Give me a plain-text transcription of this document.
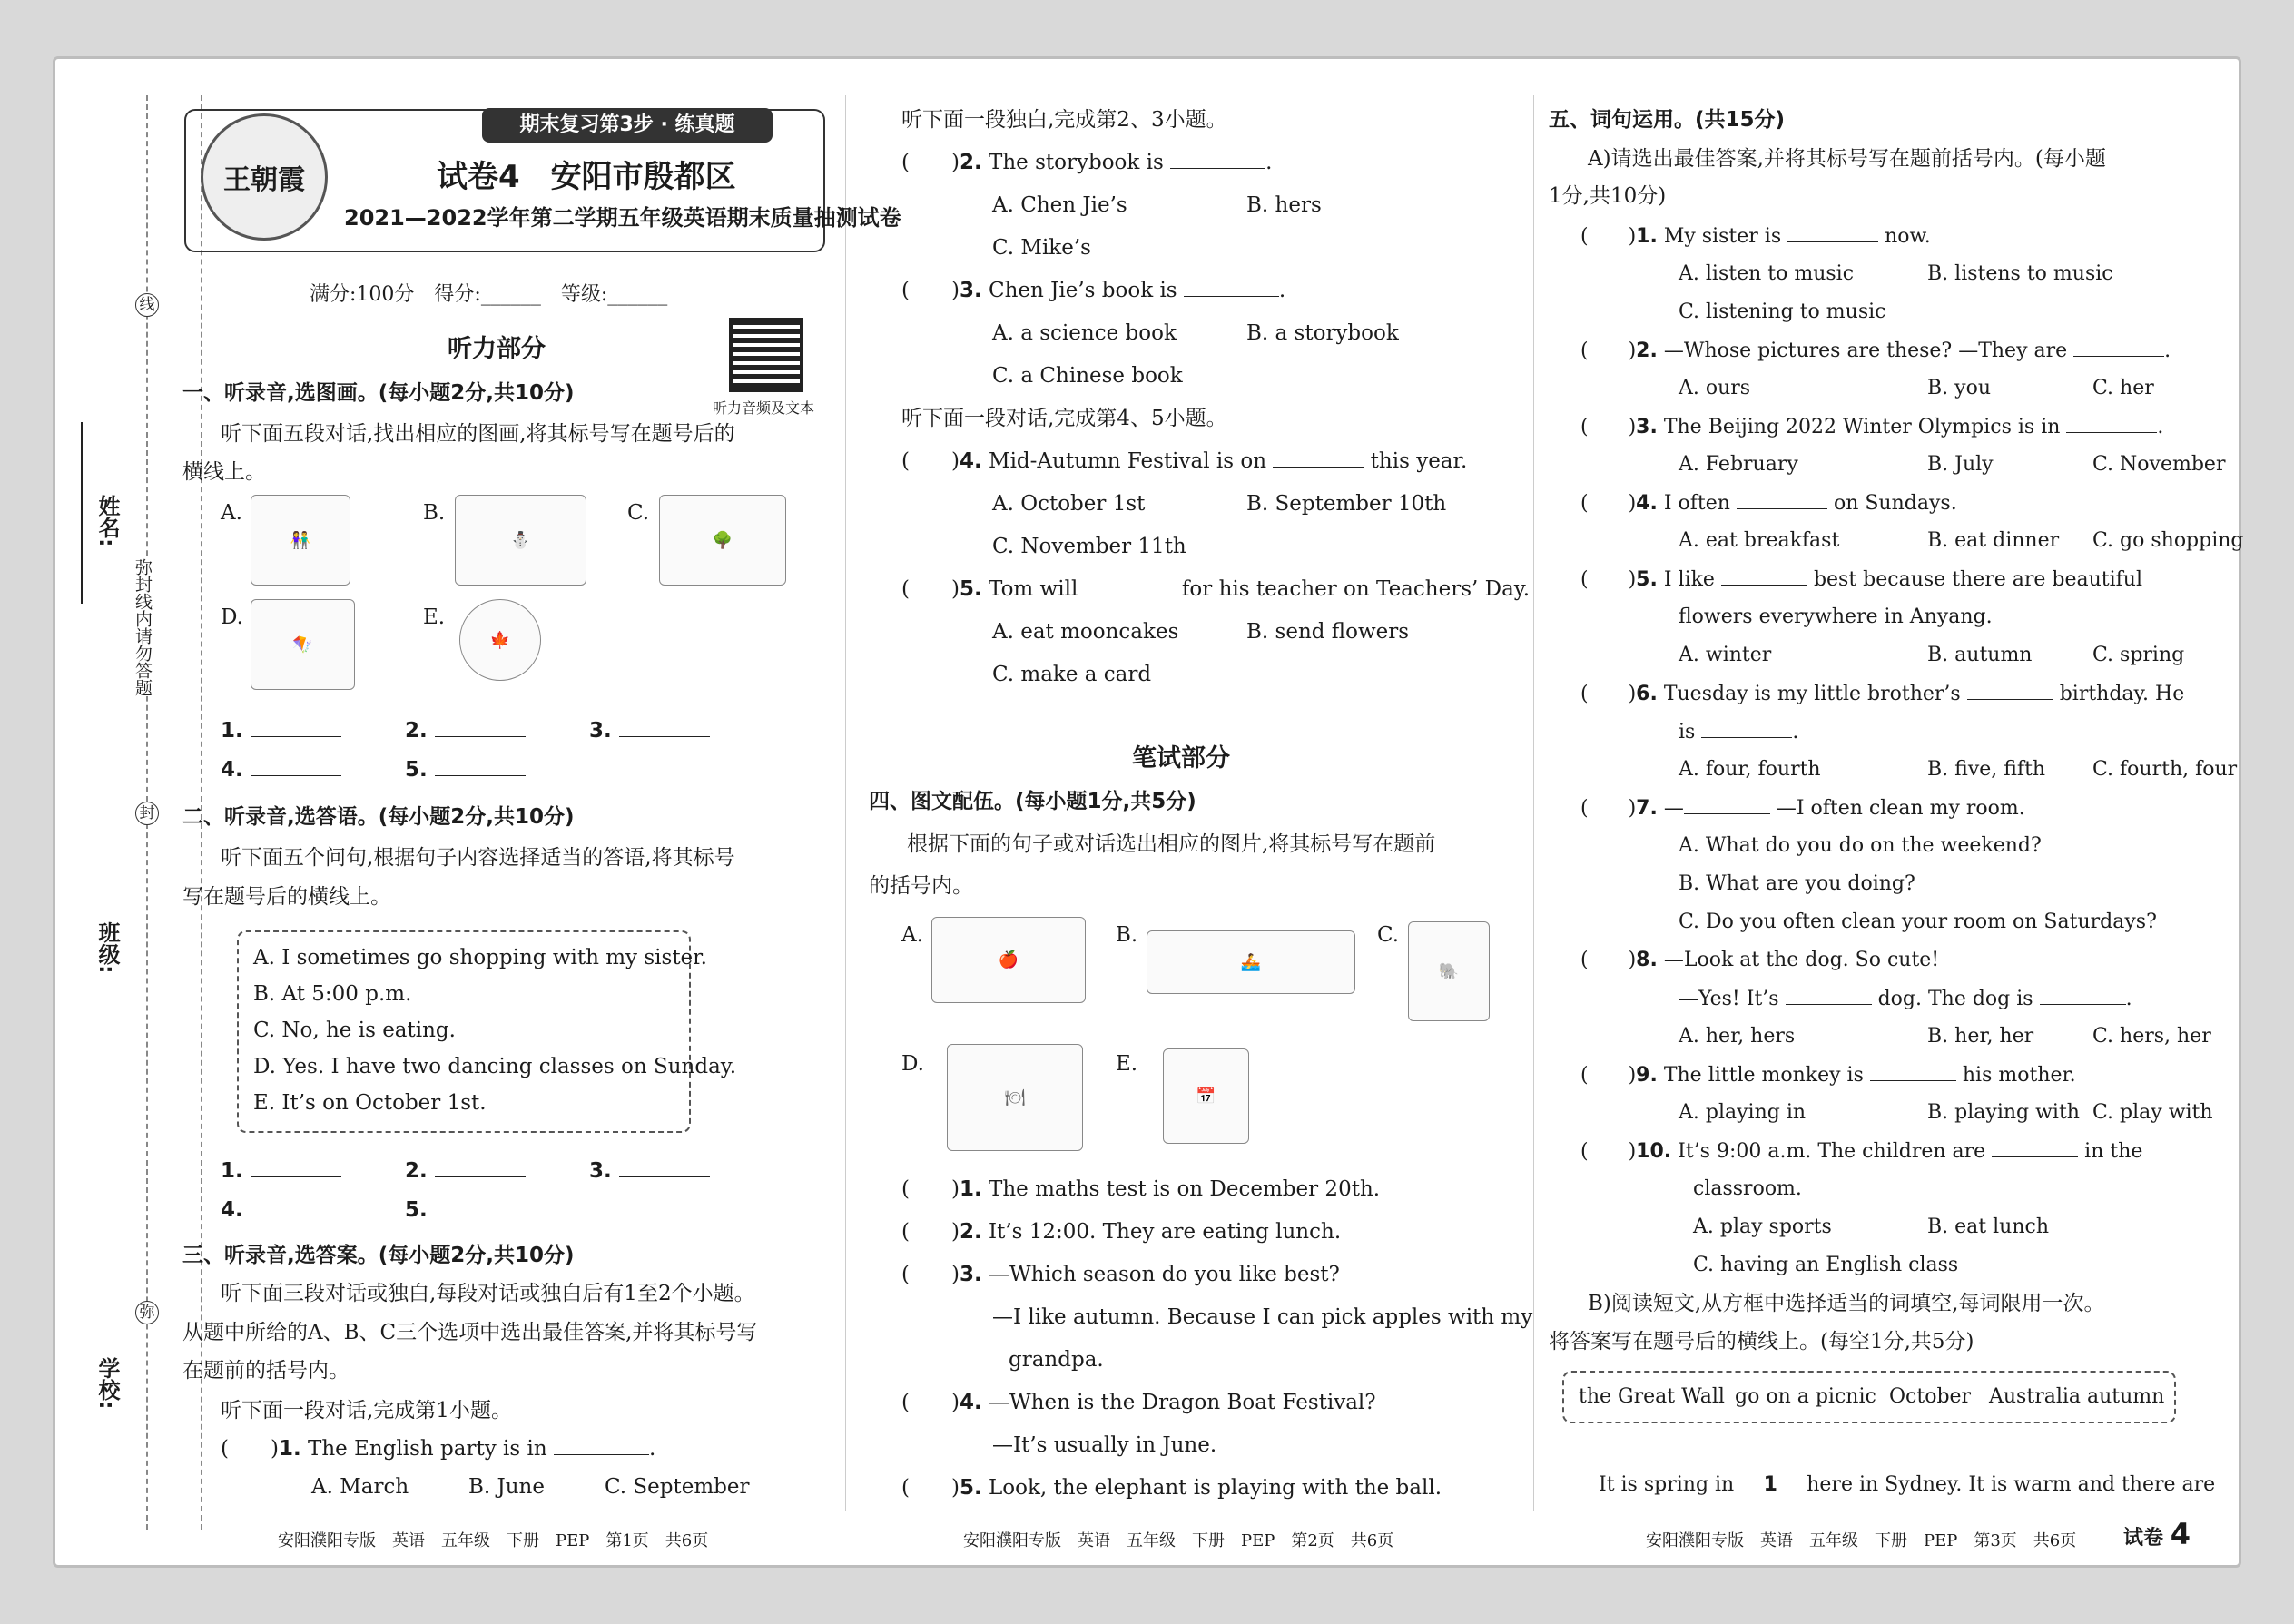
姓名:
班级:
学校:
弥封线内请勿答题
线
封
弥
王朝霞
期末复习第3步 · 练真题
试卷4　安阳市殷都区
2021—2022学年第二学期五年级英语期末质量抽测试卷
满分:100分　得分:______　等级:______
听力音频及文本
听力部分
一、听录音,选图画。(每小题2分,共10分)
听下面五段对话,找出相应的图画,将其标号写在题号后的
横线上。
A.
👫
B.
⛄
C.
🌳
D.
🪁
E.
🍁
1.	2.	3.
4.	5.
二、听录音,选答语。(每小题2分,共10分)
听下面五个问句,根据句子内容选择适当的答语,将其标号
写在题号后的横线上。
A. I sometimes go shopping with my sister.
B. At 5:00 p.m.
C. No, he is eating.
D. Yes. I have two dancing classes on Sunday.
E. It’s on October 1st.
1.	2.	3.
4.	5.
三、听录音,选答案。(每小题2分,共10分)
听下面三段对话或独白,每段对话或独白后有1至2个小题。
从题中所给的A、B、C三个选项中选出最佳答案,并将其标号写
在题前的括号内。
听下面一段对话,完成第1小题。
(　　)1. The English party is in	.
A. March	B. June	C. September
安阳濮阳专版　英语　五年级　下册　PEP　第1页　共6页
听下面一段独白,完成第2、3小题。
(　　)2. The storybook is	.
A. Chen Jie’s	B. hers
C. Mike’s
(　　)3. Chen Jie’s book is	.
A. a science book	B. a storybook
C. a Chinese book
听下面一段对话,完成第4、5小题。
(　　)4. Mid-Autumn Festival is on	this year.
A. October 1st	B. September 10th
C. November 11th
(　　)5. Tom will	for his teacher on Teachers’ Day.
A. eat mooncakes	B. send flowers
C. make a card
笔试部分
四、图文配伍。(每小题1分,共5分)
根据下面的句子或对话选出相应的图片,将其标号写在题前
的括号内。
A.
🍎
B.
🚣
C.
🐘
D.
🍽
E.
📅
(　　)1. The maths test is on December 20th.
(　　)2. It’s 12:00. They are eating lunch.
(　　)3. —Which season do you like best?
—I like autumn. Because I can pick apples with my
grandpa.
(　　)4. —When is the Dragon Boat Festival?
—It’s usually in June.
(　　)5. Look, the elephant is playing with the ball.
安阳濮阳专版　英语　五年级　下册　PEP　第2页　共6页
五、词句运用。(共15分)
A)请选出最佳答案,并将其标号写在题前括号内。(每小题
1分,共10分)
(　　)1. My sister is	now.
A. listen to music	B. listens to music
C. listening to music
(　　)2. —Whose pictures are these? —They are	.
A. ours	B. you	C. her
(　　)3. The Beijing 2022 Winter Olympics is in	.
A. February	B. July	C. November
(　　)4. I often	on Sundays.
A. eat breakfast	B. eat dinner C. go shopping
(　　)5. I like	best because there are beautiful
flowers everywhere in Anyang.
A. winter	B. autumn	C. spring
(　　)6. Tuesday is my little brother’s	birthday. He
is	.
A. four, fourth	B. five, fifth C. fourth, four
(　　)7. —	—I often clean my room.
A. What do you do on the weekend?
B. What are you doing?
C. Do you often clean your room on Saturdays?
(　　)8. —Look at the dog. So cute!
—Yes! It’s	dog. The dog is	.
A. her, hers	B. her, her	C. hers, her
(　　)9. The little monkey is	his mother.
A. playing in	B. playing with C. play with
(　　)10. It’s 9:00 a.m. The children are	in the
classroom.
A. play sports	B. eat lunch
C. having an English class
B)阅读短文,从方框中选择适当的词填空,每词限用一次。
将答案写在题号后的横线上。(每空1分,共5分)
the Great Wall go on a picnic October Australia autumn
It is spring in 1 here in Sydney. It is warm and there are
安阳濮阳专版　英语　五年级　下册　PEP　第3页　共6页 试卷 4
